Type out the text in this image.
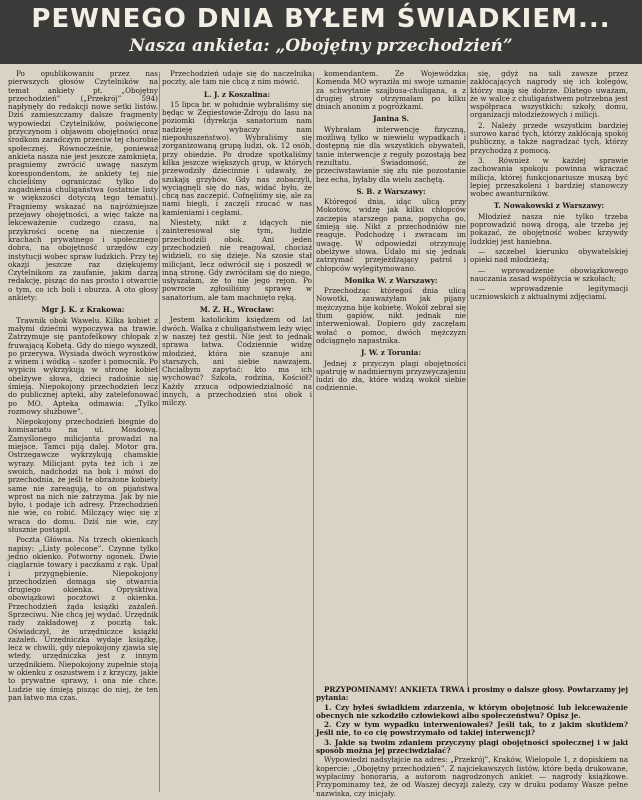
PEWNEGO DNIA BYŁEM ŚWIADKIEM...
Nasza ankieta: „Obojętny przechodzień”

Po opublikowaniu przez nas pierwszych głosów Czytelników na temat ankiety pt. „Obojętny przechodzień” („Przekrój” 594) napłynęły do redakcji nowe setki listów. Dziś zamieszczamy dalsze fragmenty wypowiedzi Czytelników, poświęcone przyczynom i objawom obojętności oraz środkom zaradczym przeciw tej chorobie społecznej. Równocześnie, ponieważ ankieta nasza nie jest jeszcze zamknięta, pragniemy zwrócić uwagę naszym korespondentom, że ankiety tej nie chcieliśmy ograniczać tylko do zagadnienia chuligaństwa (ostatnie listy w większości dotyczą tego tematu). Pragniemy wskazać na najróżniejsze przejawy obojętności, a więc także na lekceważenie cudzego czasu, na przykrości ocenę na nieczenie i krachach prywatnego i społecznego dobra, na obojętność urzędów czy instytucji wobec spraw ludzkich. Przy tej okazji jeszcze raz dziękujemy Czytelnikom za zaufanie, jakim darzą redakcję, pisząc do nas prosto i otwarcie o tym, co ich boli i oburza. A oto głosy ankiety:

Mgr J. K. z Krakowa:

Trawnik obok Wawelu. Kilka kobiet z małymi dziećmi wypoczywa na trawie. Zatrzymuje się pantofelkowy chłopak z fruwającą Kobetą. Gdy do niego wyszedł, po przerywa. Wysiada dwóch wyrostków z winem i wódką – szofer i pomocnik. Po wypiciu wykrzykują w stronę kobiet obelżywe słowa, dzieci radośnie się śmieją. Niepokojony przechodzień lecz do publicznej apteki, aby zatelefonować po MO. Apteka odmawia: „Tylko rozmowy służbowe”.

Niepokojony przechodzień biegnie do komisariatu na ul. Mosdową. Zamyślonego milicjanta prowadzi na miejsce. Tamci piją dalej. Motor gra. Ostrzegawcze wykrzykują chamskie wyrazy. Milicjant pyta też ich i ze swoich, nadchodzi na bok i mówi do przechodnia, że jeśli te obrażone kobiety same nie zareagują, to on pijaństwa wprost na nich nie zatrzyma. Jak by nie było, i podaje ich adresy. Przechodzień nie wie, co robić. Milczący więc się z wraca do domu. Dziś nie wie, czy słusznie postąpił.

Poczta Główna. Na trzech okienkach napisy: „Listy polecone”. Czynne tylko jedno okienko. Potworny ogonek. Dwie ciąglarnie towary i paczkami z rąk. Upał i przygnębienie. Niepokojony przechodzień domaga się otwarcia drugiego okienka. Oprysktiwa obowiązkowi pocztowi z okienka. Przechodzień żąda książki zażaleń. Sprzeciwu. Nie chcą jej wydać. Urzędnik rady zakładowej z pocztą tak. Oświadczył, że urzędniczce książki zażaleń. Urzędniczka wydaje książkę, lecz w chwili, gdy niepokojony zjawia się wtedy, urzędniczka jest z innym urzędnikiem. Niepokojony zupełnie stoją w okienku z oszustwem i z krzyczy, jakie to prywatne sprawy, i ona nie chce. Ludzie się śmieją pisząc do niej, że ten pan łatwo ma czas.

Przechodzień udaje się do naczelnika poczty, ale tam nie chcą z nim mówić.

L. J. z Koszalina:

15 lipca br. w południe wybraliśmy się będąc w Zegiestowie-Zdroju do lasu na poziomki (dyrekcja sanatorium nam nadzieję wybaczy nam nieposłuszeństwo). Wybraliśmy się zorganizowaną grupą ludzi, ok. 12 osób, przy obiedzie. Po drodze spotkaliśmy kilka jeszcze większych grup, w których przewodziły dziecinnie i udawały, że szukają grzybów. Gdy nas zobaczyli, wyciągnęli się do nas, widać było, że chcą nas zaczepić. Cofnęliśmy się, ale za nami biegli, i zaczęli rzucać w nas kamieniami i cegłami.

Niestety, nikt z idących nie zainteresował się tym, ludzie przechodzili obok. Ani jeden przechodzień nie reagował, chociaż widzieli, co się dzieje. Na szosie stał milicjant, lecz odwrócił się i poszedł w inną stronę. Gdy zwróciłam się do niego, usłyszałam, że to nie jego rejon. Po powrocie zgłosiliśmy sprawę w sanatorium, ale tam machnięto ręką.

M. Z. H., Wrocław:

Jestem katolickim księdzem od lat dwóch. Walka z chuligaństwem leży więc w naszej też gestii. Nie jest to jednak sprawa łatwa. Codziennie widzę młodzież, która nie szanuje ani starszych, ani siebie nawzajem. Chciałbym zapytać: kto ma ich wychować? Szkoła, rodzina, Kościół? Każdy zrzuca odpowiedzialność na innych, a przechodzień stoi obok i milczy.

komendantem. Ze Wojewódzka Komenda MO wyraziła mi swoje uznanie za schwytanie szajbusa-chuligana, a z drugiej strony otrzymałam po kilku dniach anonim z pogróżkami.

Janina S.

Wybrałam interwencję fizyczną, możliwą tylko w niewielu wypadkach i dostępną nie dla wszystkich obywateli, tanie interwencje z reguły pozostają bez rezultatu. Świadomość, że przeciwstawianie się złu nie pozostanie bez echa, byłaby dla wielu zachętą.

S. B. z Warszawy:

Któregoś dnia, idąc ulicą przy Mokotów, widzę jak kilku chłopców zaczepia starszego pana, popycha go, śmieją się. Nikt z przechodniów nie reaguje. Podchodzę i zwracam im uwagę. W odpowiedzi otrzymuję obelżywe słowa. Udało mi się jednak zatrzymać przejeżdżający patrol i chłopców wylegitymowano.

Monika W. z Warszawy:

Przechodząc któregoś dnia ulicą Nowotki, zauważyłam jak pijany mężczyzna bije kobietę. Wokół zebrał się tłum gapiów, nikt jednak nie interweniował. Dopiero gdy zaczęłam wołać o pomoc, dwóch mężczyzn odciągnęło napastnika.

J. W. z Torunia:

Jednej z przyczyn plagi obojętności upatruję w nadmiernym przyzwyczajeniu ludzi do zła, które widzą wokół siebie codziennie.

się, gdyż na sali zawsze przez zakłócających nagrody się ich kolegów, którzy mają się dobrze. Dlatego uważam, że w walce z chuligaństwem potrzebna jest współpraca wszystkich: szkoły, domu, organizacji młodzieżowych i milicji.

2. Należy przede wszystkim bardziej surowo karać tych, którzy zakłócają spokój publiczny, a także nagradzać tych, którzy przychodzą z pomocą.

3. Również w każdej sprawie zachowania spokoju powinna wkraczać milicja, której funkcjonariusze muszą być lepiej przeszkoleni i bardziej stanowczy wobec awanturników.

T. Nowakowski z Warszawy:

Młodzież nasza nie tylko trzeba poprowadzić nową drogą, ale trzeba jej pokazać, że obojętność wobec krzywdy ludzkiej jest haniebna.

— szczebel kierunku obywatelskiej opieki nad młodzieżą;

— wprowadzenie obowiązkowego nauczania zasad współżycia w szkołach;

— wprowadzenie legitymacji uczniowskich z aktualnymi zdjęciami.

PRZYPOMINAMY! ANKIETA TRWA i prosimy o dalsze głosy. Powtarzamy jej pytania:

1. Czy byłeś świadkiem zdarzenia, w którym obojętność lub lekceważenie obecnych nie szkodziło człowiekowi albo społeczeństwu? Opisz je.

2. Czy w tym wypadku interweniowałeś? Jeśli tak, to z jakim skutkiem? Jeśli nie, to co cię powstrzymało od takiej interwencji?

3. Jakie są twoim zdaniem przyczyny plagi obojętności społecznej i w jaki sposób można jej przeciwdziałać?

Wypowiedzi nadsyłajcie na adres: „Przekrój”, Kraków, Wielopole 1, z dopiskiem na kopercie: „Obojętny przechodzień”. Z najciekawszych listów, które będą drukowane, wypłacimy honoraria, a autorom nagrodzonych ankiet — nagrody książkowe. Przypominamy też, że od Waszej decyzji zależy, czy w druku podamy Wasze pełne nazwiska, czy inicjały.
